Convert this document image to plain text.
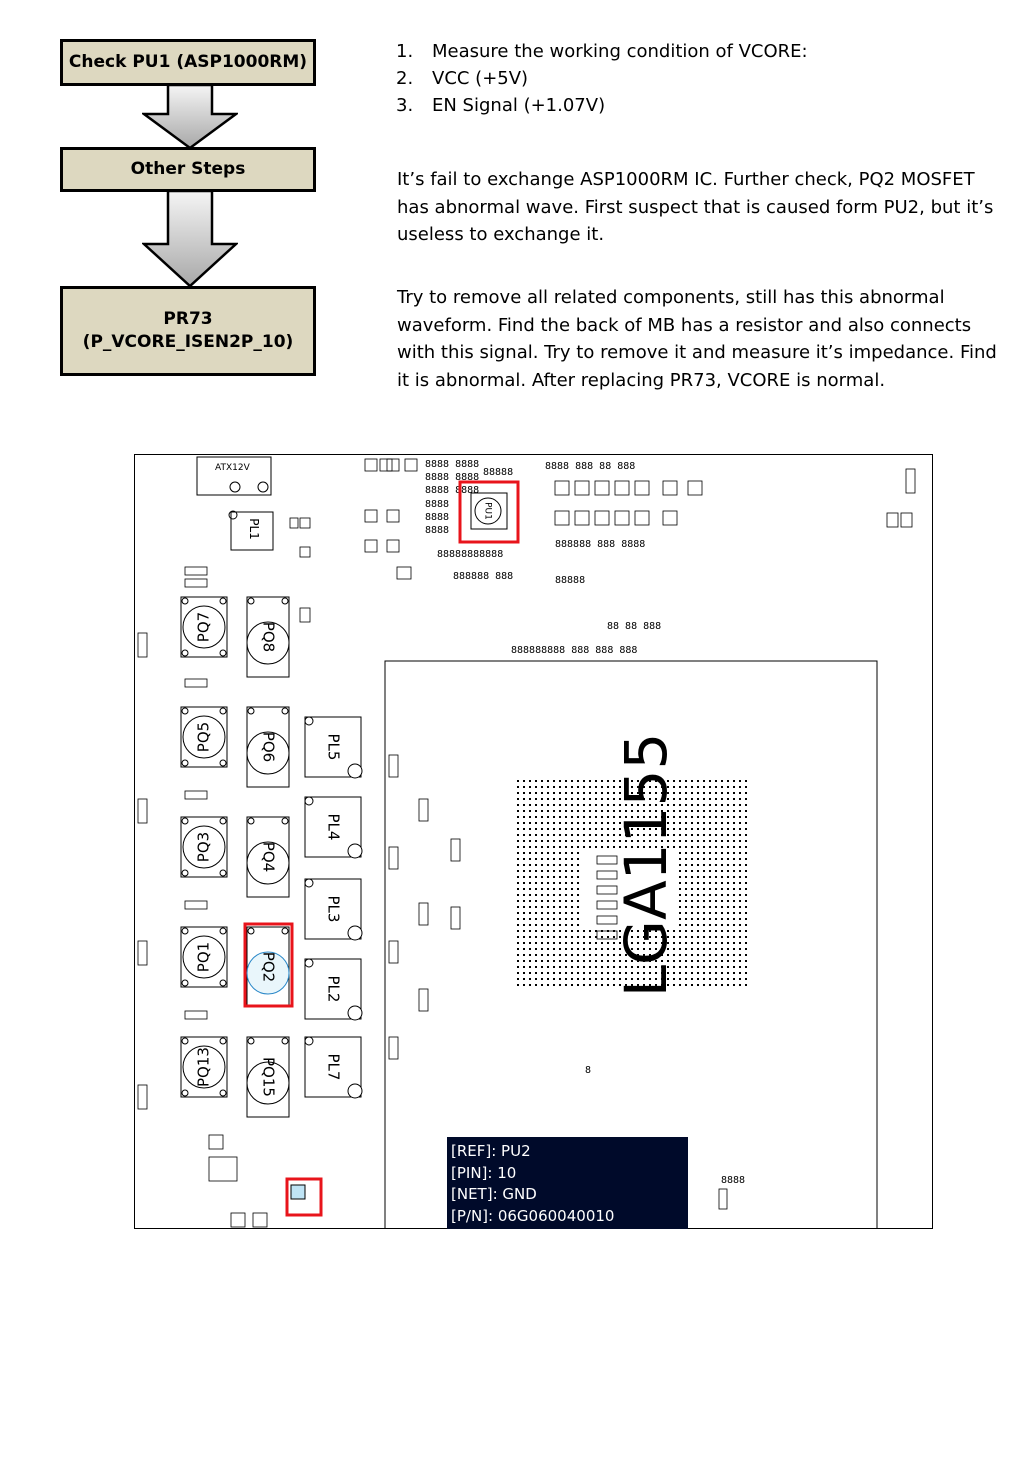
Check PU1 (ASP1000RM)
Other Steps
PR73
(P_VCORE_ISEN2P_10)
1.	Measure the working condition of VCORE:
2.	VCC (+5V)
3.	EN Signal (+1.07V)

It’s fail to exchange ASP1000RM IC. Further check, PQ2 MOSFET has abnormal wave. First suspect that is caused form PU2, but it’s useless to exchange it.

Try to remove all related components, still has this abnormal waveform. Find the back of MB has a resistor and also connects with this signal. Try to remove it and measure it’s impedance. Find it is abnormal. After replacing PR73, VCORE is normal.

ATX12V
PL1
8888 8888
8888 8888
8888 8888
8888
8888
8888
88888888888
888888 888
88888
8888 888 88 888
888888 888 8888
88888
88 88 888
888888888 888 888 888
8888
8
PU1
PQ7
PQ5
PQ3
PQ1
PQ13
PQ8
PQ6
PQ4
PQ2
PQ15
PL5
PL4
PL3
PL2
PL7
LGA1155
[REF]: PU2
[PIN]: 10
[NET]: GND
[P/N]: 06G060040010
